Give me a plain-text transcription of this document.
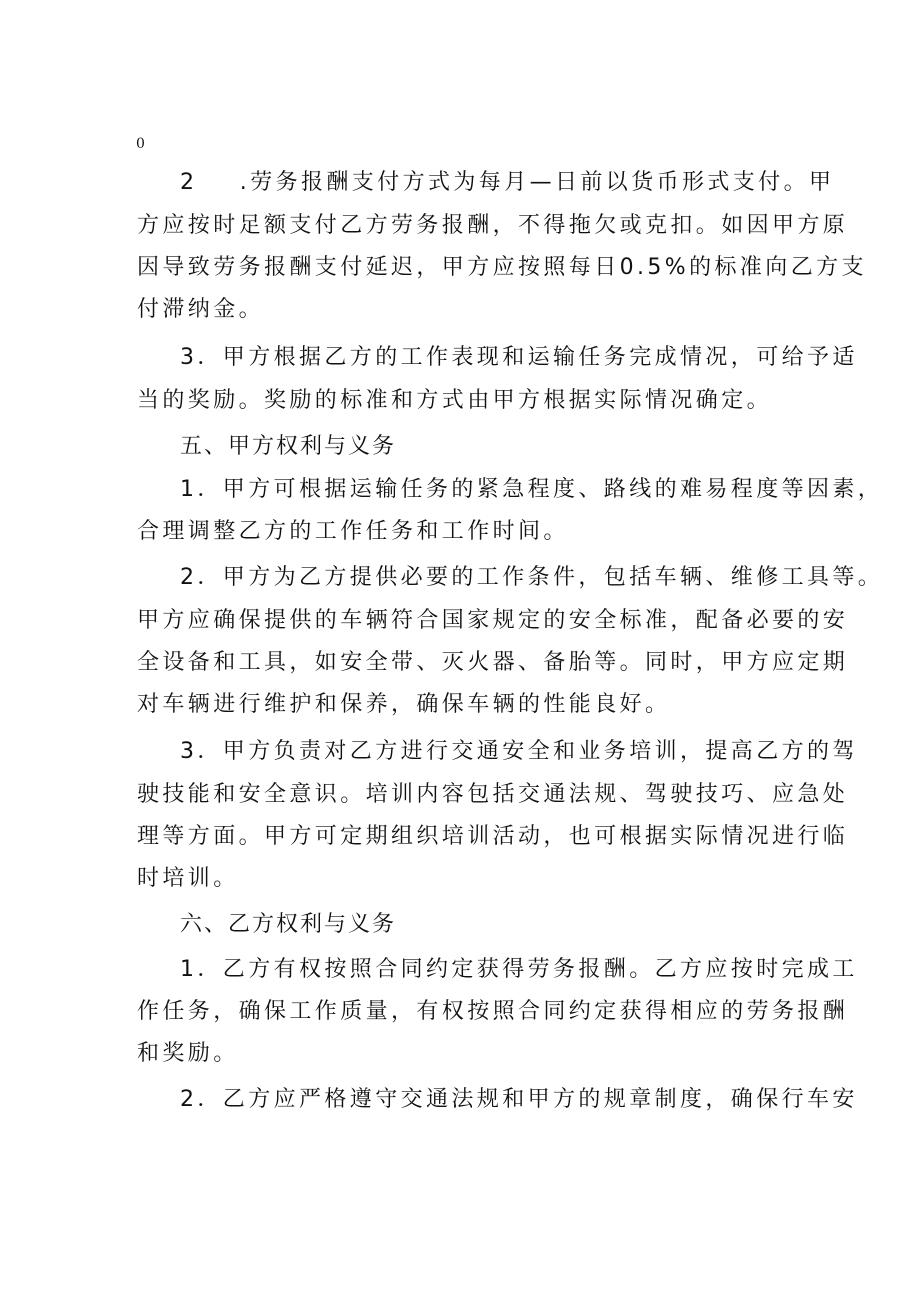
0
2 .劳务报酬支付方式为每月—日前以货币形式支付。甲
方应按时足额支付乙方劳务报酬，不得拖欠或克扣。如因甲方原
因导致劳务报酬支付延迟，甲方应按照每日0.5%的标准向乙方支
付滞纳金。
3．甲方根据乙方的工作表现和运输任务完成情况，可给予适
当的奖励。奖励的标准和方式由甲方根据实际情况确定。
五、甲方权利与义务
1．甲方可根据运输任务的紧急程度、路线的难易程度等因素，
合理调整乙方的工作任务和工作时间。
2．甲方为乙方提供必要的工作条件，包括车辆、维修工具等。
甲方应确保提供的车辆符合国家规定的安全标准，配备必要的安
全设备和工具，如安全带、灭火器、备胎等。同时，甲方应定期
对车辆进行维护和保养，确保车辆的性能良好。
3．甲方负责对乙方进行交通安全和业务培训，提高乙方的驾
驶技能和安全意识。培训内容包括交通法规、驾驶技巧、应急处
理等方面。甲方可定期组织培训活动，也可根据实际情况进行临
时培训。
六、乙方权利与义务
1．乙方有权按照合同约定获得劳务报酬。乙方应按时完成工
作任务，确保工作质量，有权按照合同约定获得相应的劳务报酬
和奖励。
2．乙方应严格遵守交通法规和甲方的规章制度，确保行车安
